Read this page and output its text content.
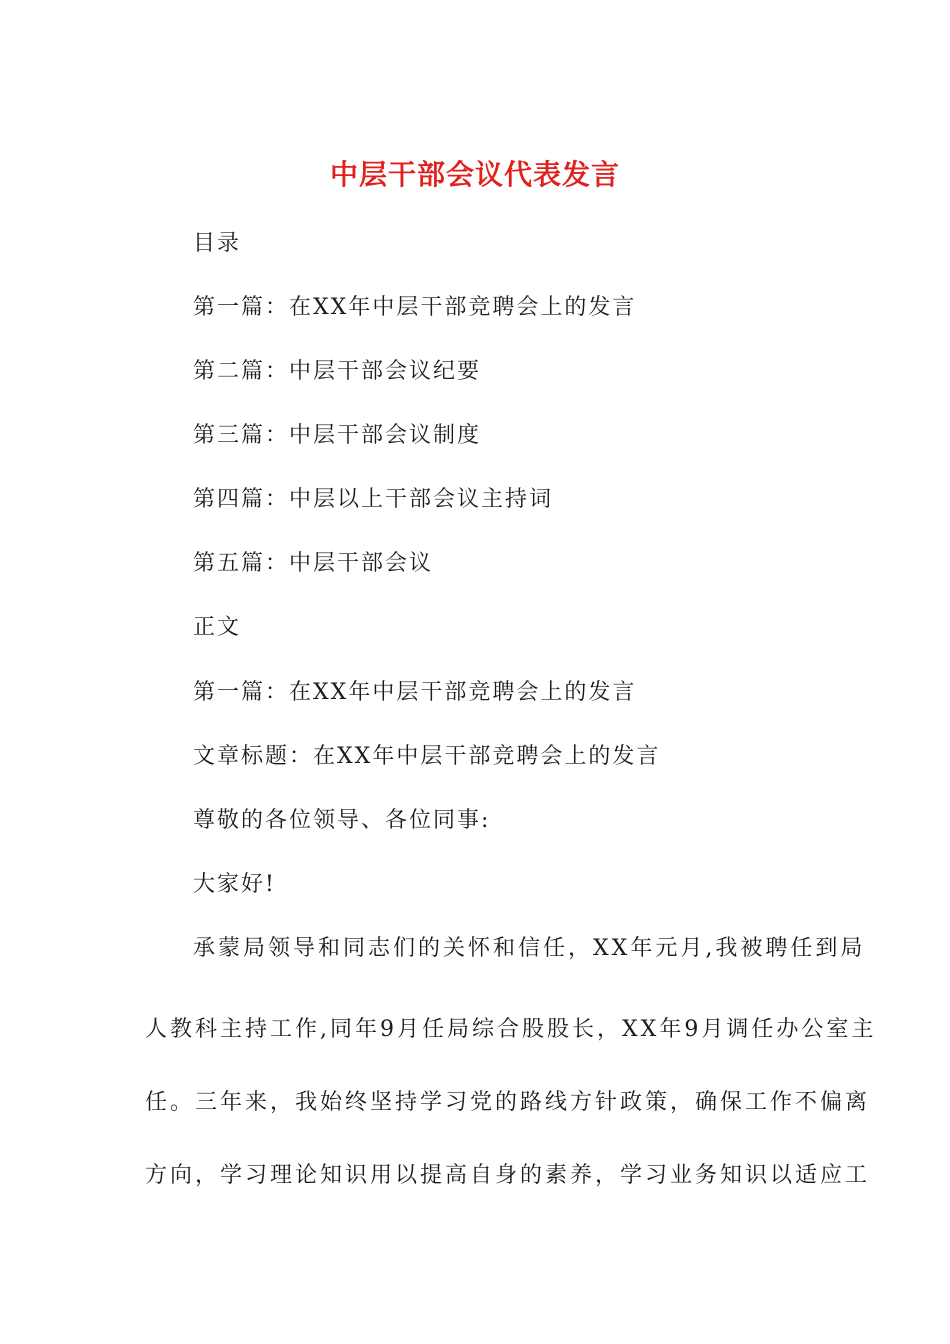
中层干部会议代表发言
目录
第一篇：在XX年中层干部竞聘会上的发言
第二篇：中层干部会议纪要
第三篇：中层干部会议制度
第四篇：中层以上干部会议主持词
第五篇：中层干部会议
正文
第一篇：在XX年中层干部竞聘会上的发言
文章标题：在XX年中层干部竞聘会上的发言
尊敬的各位领导、各位同事:
大家好!
承蒙局领导和同志们的关怀和信任，XX年元月,我被聘任到局
人教科主持工作,同年9月任局综合股股长，XX年9月调任办公室主
任。三年来，我始终坚持学习党的路线方针政策，确保工作不偏离
方向，学习理论知识用以提高自身的素养，学习业务知识以适应工
